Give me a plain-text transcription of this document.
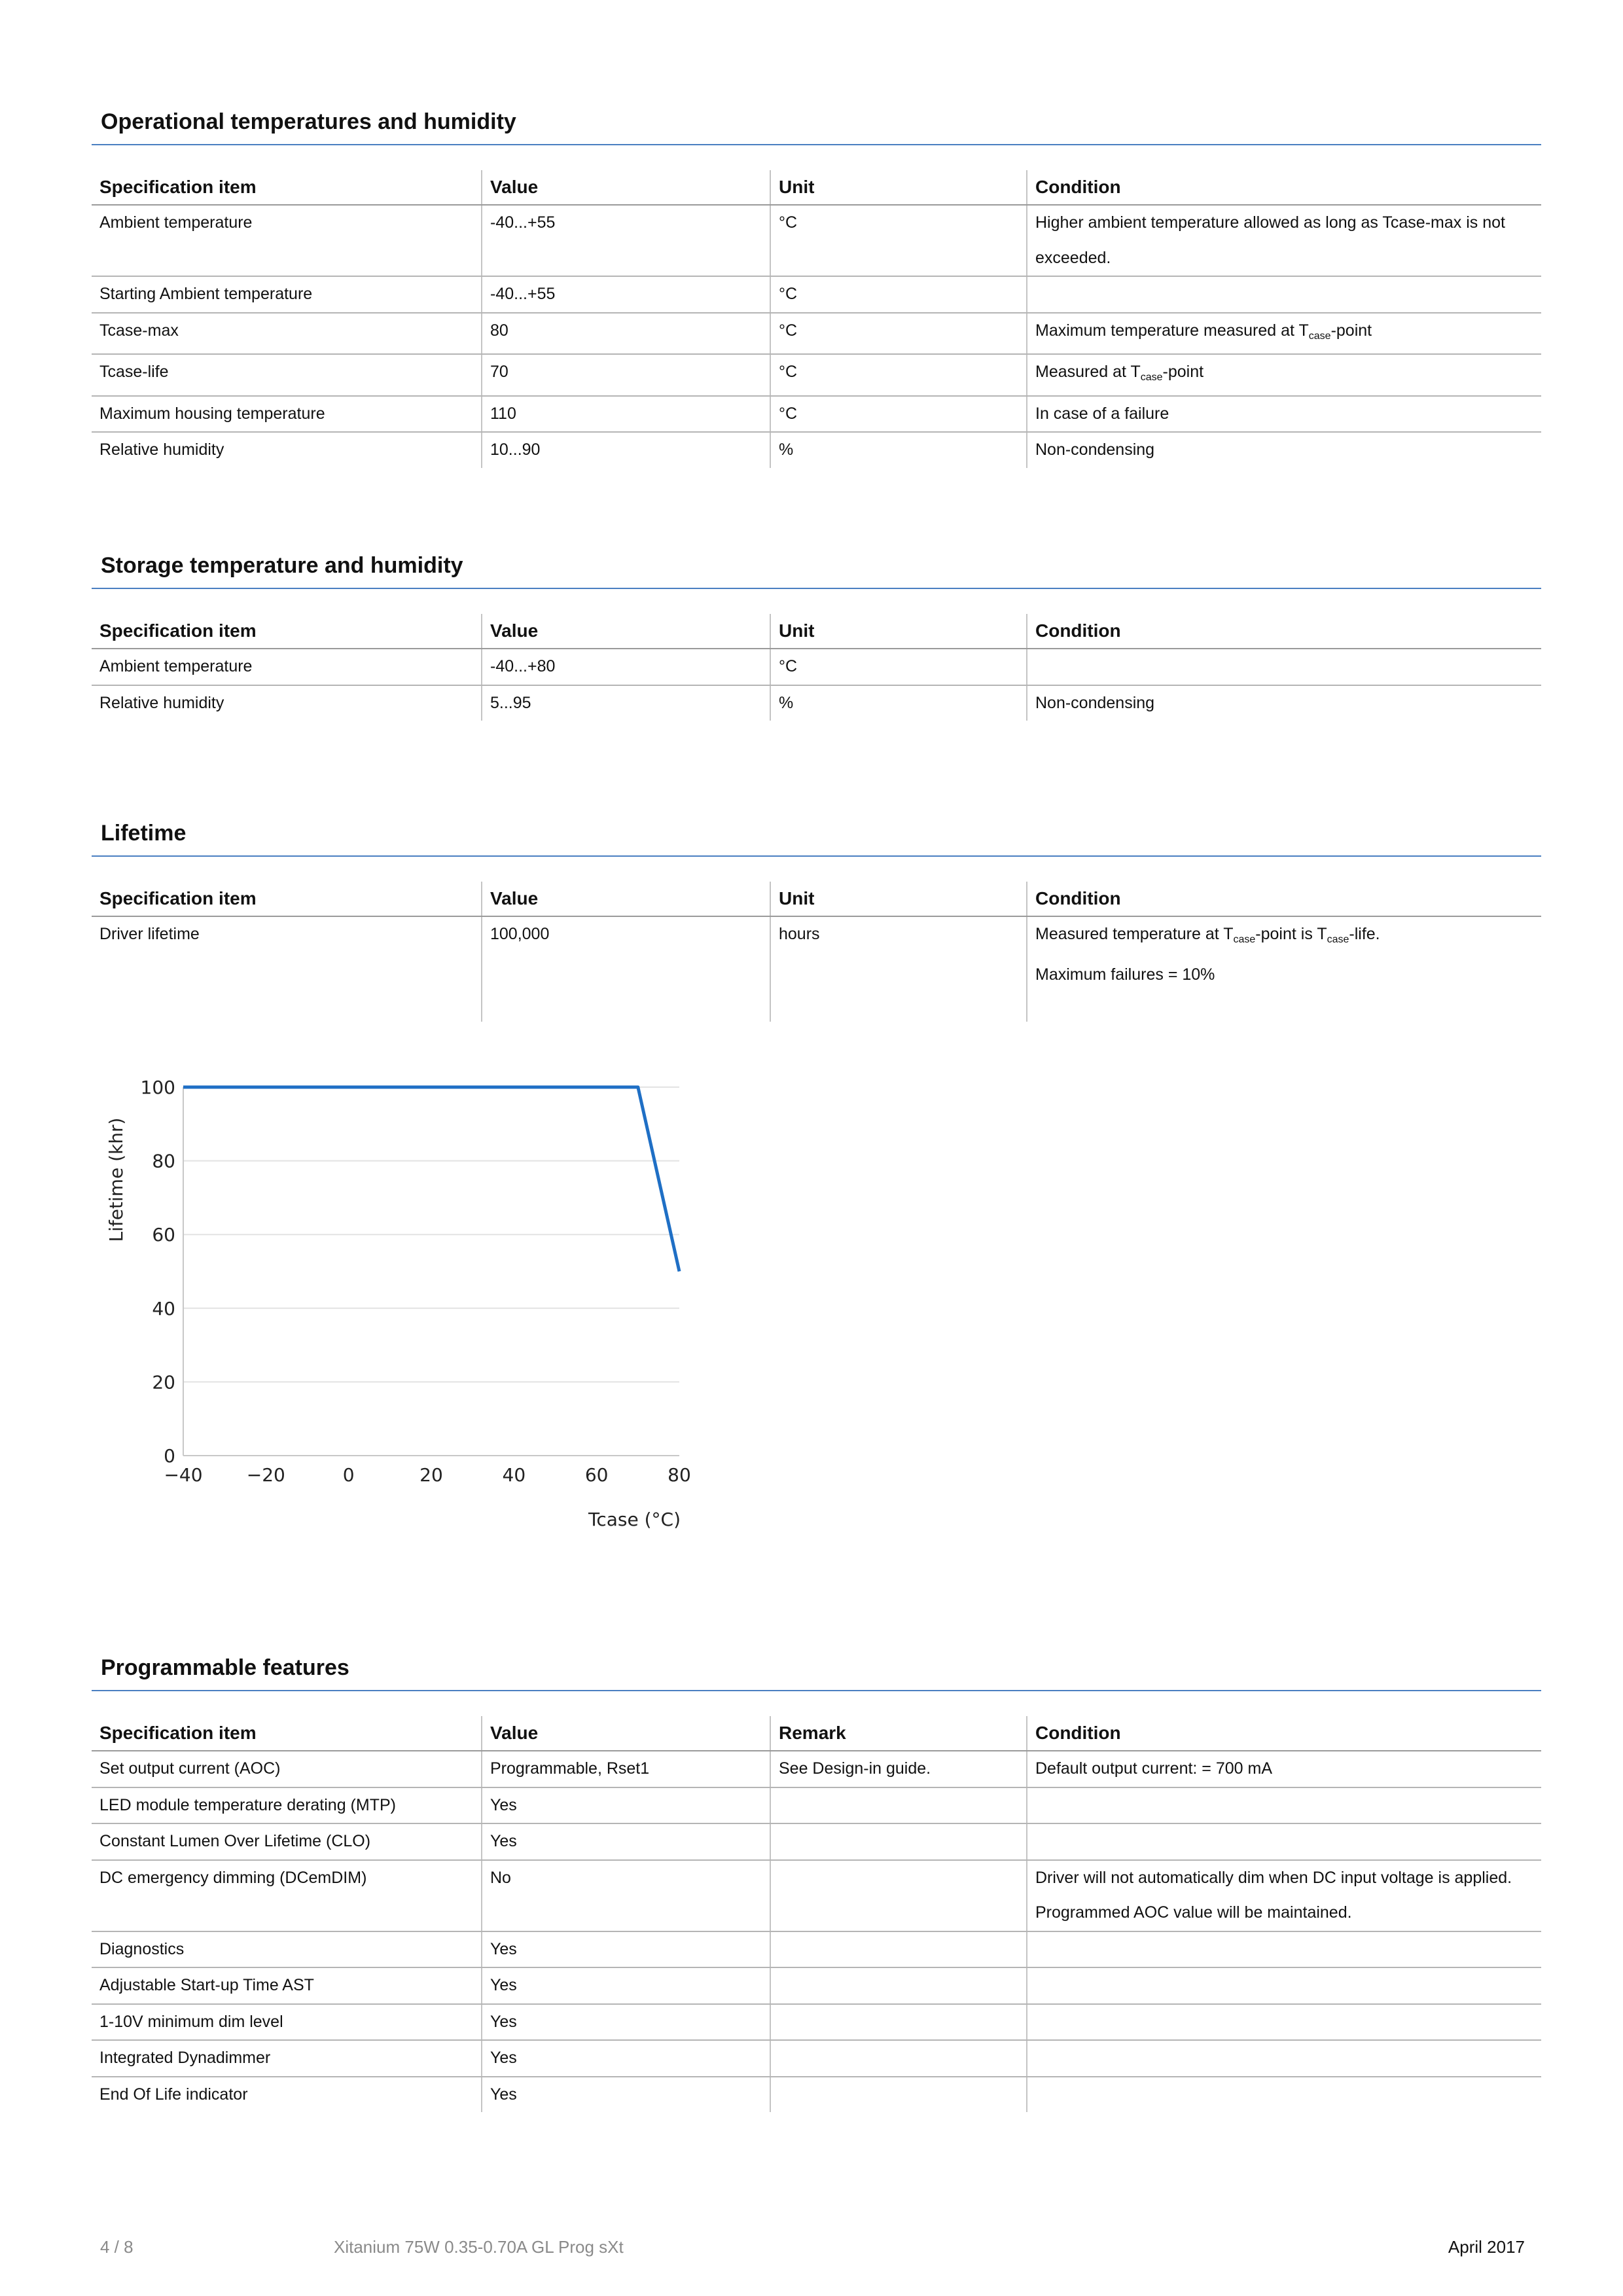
Operational temperatures and humidity
Specification item	Value	Unit	Condition
Ambient temperature	-40...+55	°C	Higher ambient temperature allowed as long as Tcase-max is not exceeded.
Starting Ambient temperature	-40...+55	°C	
Tcase-max	80	°C	Maximum temperature measured at $T_{case}$-point
Tcase-life	70	°C	Measured at $T_{case}$-point
Maximum housing temperature	110	°C	In case of a failure
Relative humidity	10...90	%	Non-condensing
Storage temperature and humidity
Specification item	Value	Unit	Condition
Ambient temperature	-40...+80	°C	
Relative humidity	5...95	%	Non-condensing
Lifetime
Specification item	Value	Unit	Condition
Driver lifetime	100,000	hours	Measured temperature at $T_{case}$-point is $T_{case}$-life.
Maximum failures = 10%
0
20
40
60
80
100
−40 −20	0	20	40	60	80
Tcase (°C)
Lifetime (khr)
Programmable features
Specification item	Value	Remark	Condition
Set output current (AOC)	Programmable, Rset1	See Design-in guide.	Default output current: = 700 mA
LED module temperature derating (MTP)	Yes		
Constant Lumen Over Lifetime (CLO)	Yes		
DC emergency dimming (DCemDIM)	No		Driver will not automatically dim when DC input voltage is applied. Programmed AOC value will be maintained.
Diagnostics	Yes		
Adjustable Start-up Time AST	Yes		
1-10V minimum dim level	Yes		
Integrated Dynadimmer	Yes		
End Of Life indicator	Yes		
4 / 8	Xitanium 75W 0.35-0.70A GL Prog sXt	April 2017
